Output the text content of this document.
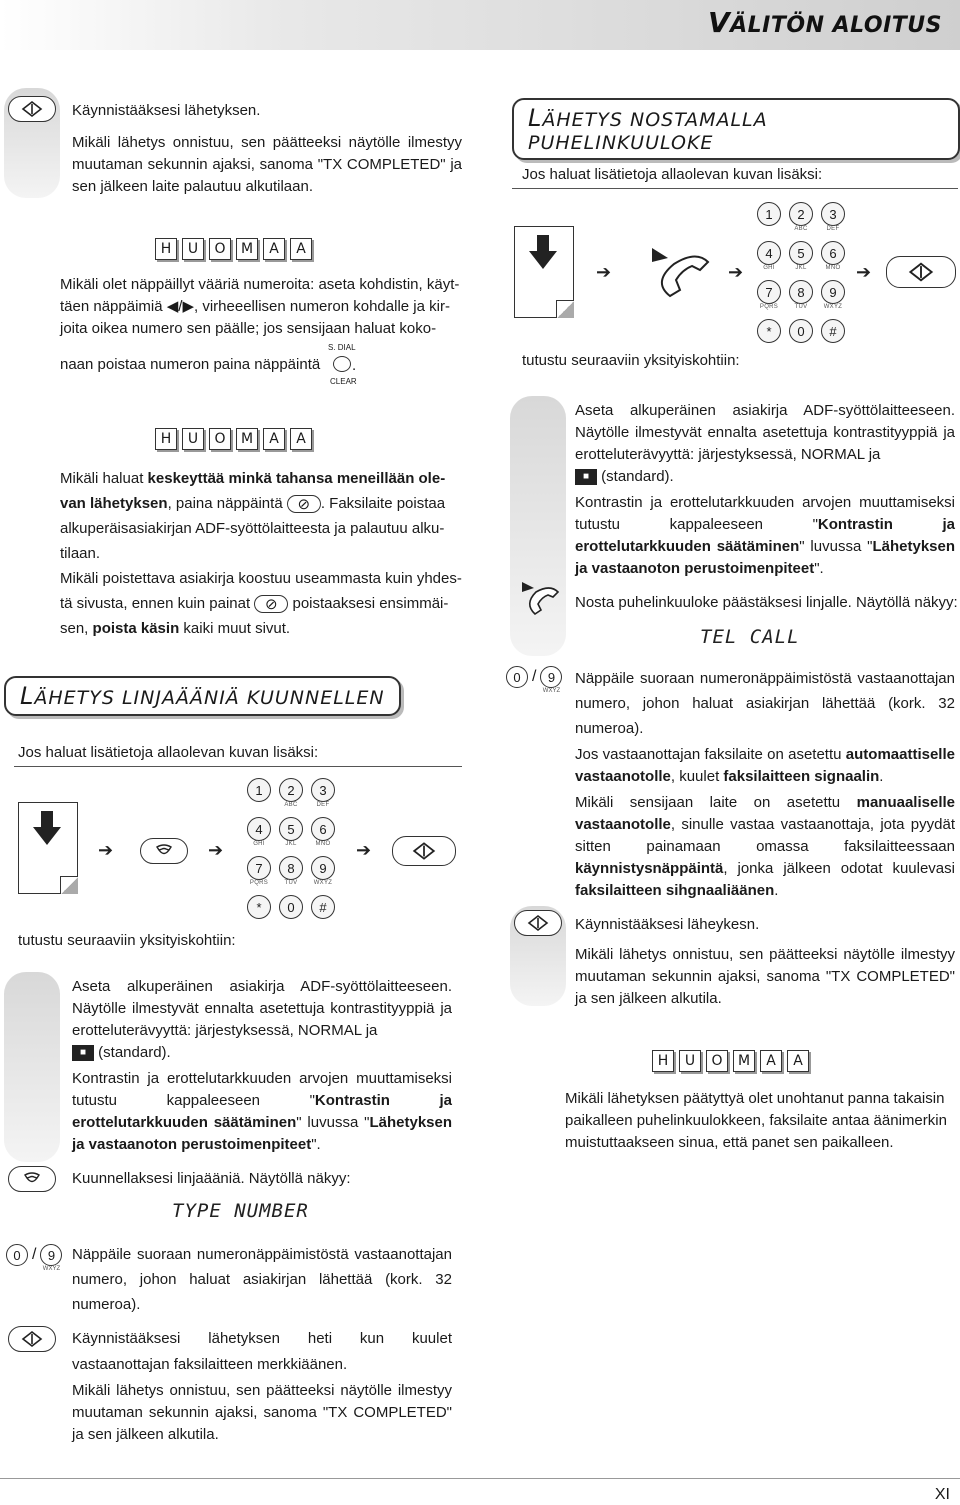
VÄLITÖN ALOITUS
Käynnistääksesi lähetyksen.
Mikäli lähetys onnistuu, sen päätteeksi näytölle ilmestyy muutaman sekunnin ajaksi, sanoma "TX COMPLETED" ja sen jälkeen laite palautuu alkutilaan.
H	U	O	M	A	A
Mikäli olet näppäillyt vääriä numeroita: aseta kohdistin, käyt-
täen näppäimiä ◀/▶, virheeellisen numeron kohdalle ja kir-
joita oikea numero sen päälle; jos sensijaan haluat koko-
naan poistaa numeron paina näppäintä
S. DIAL
.
CLEAR
H	U	O	M	A	A
Mikäli haluat keskeyttää minkä tahansa meneillään ole-
van lähetyksen, paina näppäintä ⊘ . Faksilaite poistaa
alkuperäisasiakirjan ADF-syöttölaitteesta ja palautuu alku-
tilaan.
Mikäli poistettava asiakirja koostuu useammasta kuin yhdes-
tä sivusta, ennen kuin painat ⊘ poistaaksesi ensimmäi-
sen, poista käsin kaiki muut sivut.
LÄHETYS LINJAÄÄNIÄ KUUNNELLEN
Jos haluat lisätietoja allaolevan kuvan lisäksi:
➔	➔
1	2
ABC
3
DEF
4
GHI
5
JKL
6
MNO
7
PQRS
8
TUV
9
WXYZ
*	0	#
➔
tutustu seuraaviin yksityiskohtiin:
Aseta alkuperäinen asiakirja ADF-syöttölaitteeseen. Näytölle ilmestyvät ennalta asetettuja kontrastityyppiä ja erotteluterävyyttä: järjestyksessä, NORMAL ja
■ (standard).
Kontrastin ja erottelutarkkuuden arvojen muuttamiseksi tutustu kappaleeseen "Kontrastin ja erottelutarkkuuden säätäminen" luvussa "Lähetyksen ja vastaanoton perustoimenpiteet".
Kuunnellaksesi linjaääniä. Näytöllä näkyy:
TYPE NUMBER
0 / 9
WXYZ
Näppäile suoraan numeronäppäimistöstä vastaanottajan numero, johon haluat asiakirjan lähettää (kork. 32 numeroa).
Käynnistääksesi lähetyksen heti kun kuulet vastaanottajan faksilaitteen merkkiäänen.
Mikäli lähetys onnistuu, sen päätteeksi näytölle ilmestyy muutaman sekunnin ajaksi, sanoma "TX COMPLETED" ja sen jälkeen alkutila.
LÄHETYS NOSTAMALLA PUHELINKUULOKE
Jos haluat lisätietoja allaolevan kuvan lisäksi:
➔	➔
1	2
ABC
3
DEF
4
GHI
5
JKL
6
MNO
7
PQRS
8
TUV
9
WXYZ
*	0	#
➔
tutustu seuraaviin yksityiskohtiin:
Aseta alkuperäinen asiakirja ADF-syöttölaitteeseen. Näytölle ilmestyvät ennalta asetettuja kontrastityyppiä ja erotteluterävyyttä: järjestyksessä, NORMAL ja
■ (standard).
Kontrastin ja erottelutarkkuuden arvojen muuttamiseksi tutustu kappaleeseen "Kontrastin ja erottelutarkkuuden säätäminen" luvussa "Lähetyksen ja vastaanoton perustoimenpiteet".
Nosta puhelinkuuloke päästäksesi linjalle. Näytöllä näkyy:
TEL CALL
0 / 9
WXYZ
Näppäile suoraan numeronäppäimistöstä vastaanottajan numero, johon haluat asiakirjan lähettää (kork. 32 numeroa).
Jos vastaanottajan faksilaite on asetettu automaattiselle vastaanotolle, kuulet faksilaitteen signaalin.
Mikäli sensijaan laite on asetettu manuaaliselle vastaanotolle, sinulle vastaa vastaanottaja, jota pyydät sitten painamaan omassa faksilaitteessaan käynnistysnäppäintä, jonka jälkeen odotat kuulevasi faksilaitteen sihgnaaliäänen.
Käynnistääksesi läheykesn.
Mikäli lähetys onnistuu, sen päätteeksi näytölle ilmestyy muutaman sekunnin ajaksi, sanoma "TX COMPLETED" ja sen jälkeen alkutila.
H	U	O	M	A	A
Mikäli lähetyksen päätyttyä olet unohtanut panna takaisin paikalleen puhelinkuulokkeen, faksilaite antaa äänimerkin muistuttaakseen sinua, että panet sen paikalleen.
XI
